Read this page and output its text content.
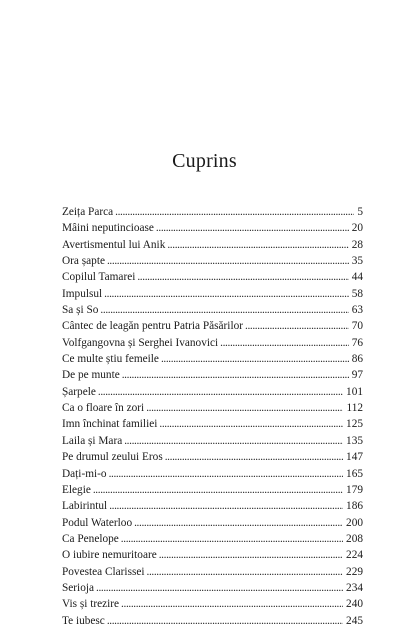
Cuprins
Zeița Parca . . .	5
Mâini neputincioase . . .	20
Avertismentul lui Anik . . .	28
Ora șapte . . .	35
Copilul Tamarei . . .	44
Impulsul . . .	58
Sa și So . . .	63
Cântec de leagăn pentru Patria Păsărilor . . .	70
Volfgangovna și Serghei Ivanovici . . .	76
Ce multe știu femeile . . .	86
De pe munte . . .	97
Șarpele . . .	101
Ca o floare în zori . . .	112
Imn închinat familiei . . .	125
Laila și Mara . . .	135
Pe drumul zeului Eros . . .	147
Dați-mi-o . . .	165
Elegie . . .	179
Labirintul . . .	186
Podul Waterloo . . .	200
Ca Penelope . . .	208
O iubire nemuritoare . . .	224
Povestea Clarissei . . .	229
Serioja . . .	234
Vis și trezire . . .	240
Te iubesc . . .	245
